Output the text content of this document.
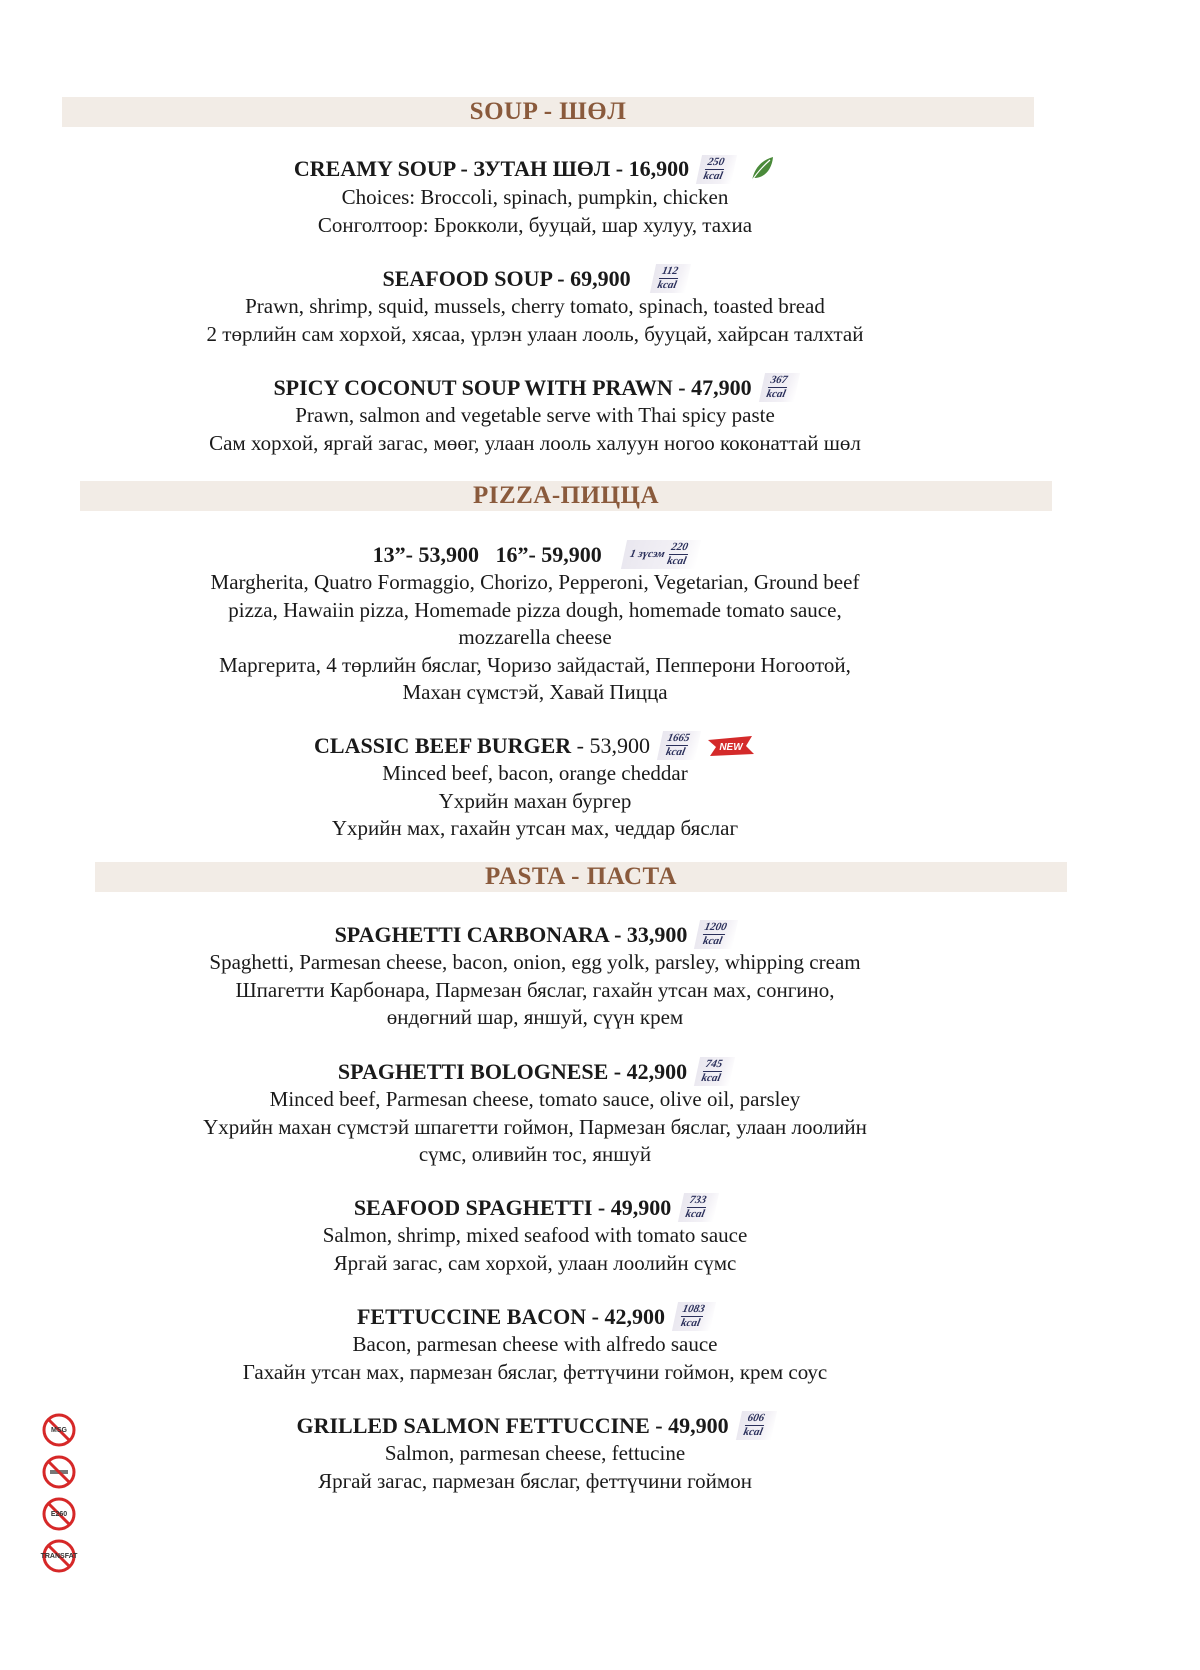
SOUP - ШӨЛ
CREAMY SOUP - ЗУТАН ШӨЛ - 16,900 250
kcal
Choices: Broccoli, spinach, pumpkin, chicken
Сонголтоор: Брокколи, бууцай, шар хулуу, тахиа
SEAFOOD SOUP - 69,900	112
kcal
Prawn, shrimp, squid, mussels, cherry tomato, spinach, toasted bread
2 төрлийн сам хорхой, хясаа, үрлэн улаан лооль, бууцай, хайрсан талхтай
SPICY COCONUT SOUP WITH PRAWN - 47,900 367
kcal
Prawn, salmon and vegetable serve with Thai spicy paste
Сам хорхой, яргай загас, мөөг, улаан лооль халуун ногоо коконаттай шөл
PIZZA-ПИЦЦА
13”- 53,900   16”- 59,900 1 зүсэм
220
kcal
Margherita, Quatro Formaggio, Chorizo, Pepperoni, Vegetarian, Ground beef
pizza, Hawaiin pizza, Homemade pizza dough, homemade tomato sauce,
mozzarella cheese
Маргерита, 4 төрлийн бяслаг, Чоризо зайдастай, Пепперони Ногоотой,
Махан сүмстэй, Хавай Пицца
CLASSIC BEEF BURGER - 53,900 1665
kcal	NEW
Minced beef, bacon, orange cheddar
Үхрийн махан бургер
Үхрийн мах, гахайн утсан мах, чеддар бяслаг
PASTA - ПАСТА
SPAGHETTI CARBONARA - 33,900 1200
kcal
Spaghetti, Parmesan cheese, bacon, onion, egg yolk, parsley, whipping cream
Шпагетти Карбонара, Пармезан бяслаг, гахайн утсан мах, сонгино,
өндөгний шар, яншуй, сүүн крем
SPAGHETTI BOLOGNESE - 42,900 745
kcal
Minced beef, Parmesan cheese, tomato sauce, olive oil, parsley
Үхрийн махан сүмстэй шпагетти гоймон, Пармезан бяслаг, улаан лоолийн
сүмс, оливийн тос, яншуй
SEAFOOD SPAGHETTI - 49,900 733
kcal
Salmon, shrimp, mixed seafood with tomato sauce
Яргай загас, сам хорхой, улаан лоолийн сүмс
FETTUCCINE BACON - 42,900 1083
kcal
Bacon, parmesan cheese with alfredo sauce
Гахайн утсан мах, пармезан бяслаг, феттүчини гоймон, крем соус
GRILLED SALMON FETTUCCINE - 49,900 606
kcal
Salmon, parmesan cheese, fettucine
Яргай загас, пармезан бяслаг, феттүчини гоймон
MSG
E260
TRANS FAT
